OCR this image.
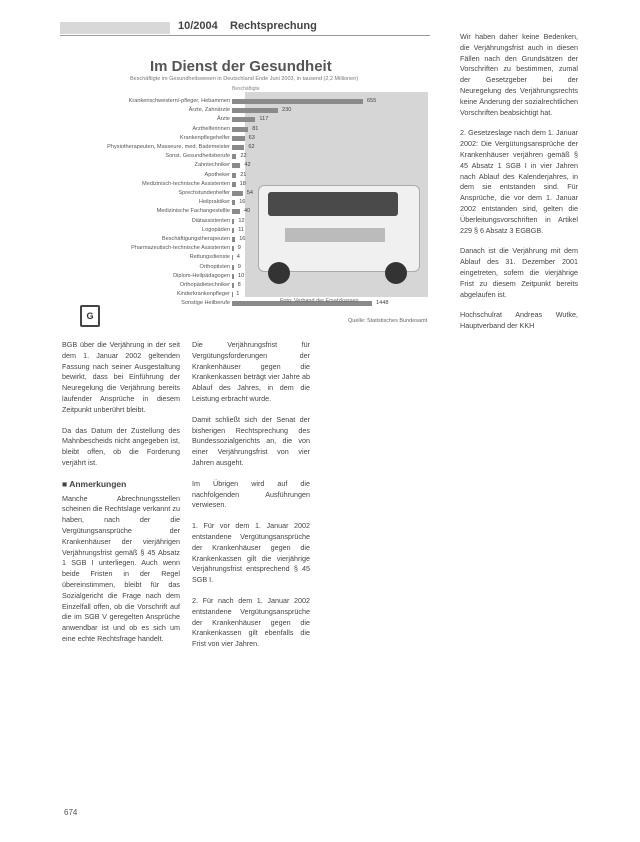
10/2004 Rechtsprechung
Im Dienst der Gesundheit
Beschäftigte im Gesundheitswesen in Deutschland Ende Juni 2003, in tausend (2,2 Millionen)
Beschäftigte
Krankenschwestern/-pfleger, Hebammen	655
Ärzte, Zahnärzte	230
Ärzte	117
Arzthelferinnen	81
Krankenpflegehelfer	63
Physiotherapeuten, Masseure, med. Bademeister	62
Sonst. Gesundheitsberufe 22
Zahntechniker	42
Apotheker 21
Medizinisch-technische Assistenten 18
Sprechstundenhelfer	54
Heilpraktiker 16
Medizinische Fachangestellte	40
Diätassistenten 12
Logopäden 11
Beschäftigungstherapeuten 16
Pharmazeutisch-technische Assistenten 9
Rettungsdienste 4
Orthoptisten 9
Diplom-Heilpädagogen 10
Orthopädietechniker 8
Kinderkrankenpfleger 1
Sonstige Heilberufe	1448
Foto: Verband der Ersatzkassen
G	Quelle: Statistisches Bundesamt

BGB über die Verjährung in der seit dem 1. Januar 2002 geltenden Fassung nach seiner Ausgestaltung bewirkt, dass bei Einführung der Neuregelung die Verjährung bereits laufender Ansprüche in diesem Zeitpunkt unberührt bleibt.

Da das Datum der Zustellung des Mahnbescheids nicht angegeben ist, bleibt offen, ob die Forderung verjährt ist.

■ Anmerkungen

Manche Abrechnungsstellen scheinen die Rechtslage verkannt zu haben, nach der die Vergütungsansprüche der Krankenhäuser der vierjährigen Verjährungsfrist gemäß § 45 Absatz 1 SGB I unterliegen. Auch wenn beide Fristen in der Regel übereinstimmen, bleibt für das Sozialgericht die Frage nach dem Einzelfall offen, ob die Vorschrift auf die im SGB V geregelten Ansprüche anwendbar ist und ob es sich um eine echte Rechtsfrage handelt.

Die Verjährungsfrist für Vergütungsforderungen der Krankenhäuser gegen die Krankenkassen beträgt vier Jahre ab Ablauf des Jahres, in dem die Leistung erbracht wurde.

Damit schließt sich der Senat der bisherigen Rechtsprechung des Bundessozialgerichts an, die von einer Verjährungsfrist von vier Jahren ausgeht.

Im Übrigen wird auf die nachfolgenden Ausführungen verwiesen.

1. Für vor dem 1. Januar 2002 entstandene Vergütungsansprüche der Krankenhäuser gegen die Krankenkassen gilt die vierjährige Verjährungsfrist entsprechend § 45 SGB I.

2. Für nach dem 1. Januar 2002 entstandene Vergütungsansprüche der Krankenhäuser gegen die Krankenkassen gilt ebenfalls die Frist von vier Jahren.

Wir haben daher keine Bedenken, die Verjährungsfrist auch in diesen Fällen nach den Grundsätzen der Vorschriften zu bestimmen, zumal der Gesetzgeber bei der Neuregelung des Verjährungsrechts keine Änderung der sozialrechtlichen Vorschriften beabsichtigt hat.

2. Gesetzeslage nach dem 1. Januar 2002: Die Vergütungsansprüche der Krankenhäuser verjähren gemäß § 45 Absatz 1 SGB I in vier Jahren nach Ablauf des Kalenderjahres, in dem sie entstanden sind. Für Ansprüche, die vor dem 1. Januar 2002 entstanden sind, gelten die Überleitungsvorschriften in Artikel 229 § 6 Absatz 3 EGBGB.

Danach ist die Verjährung mit dem Ablauf des 31. Dezember 2001 eingetreten, sofern die vierjährige Frist zu diesem Zeitpunkt bereits abgelaufen ist.

Hochschulrat Andreas Wutke, Hauptverband der KKH

674
